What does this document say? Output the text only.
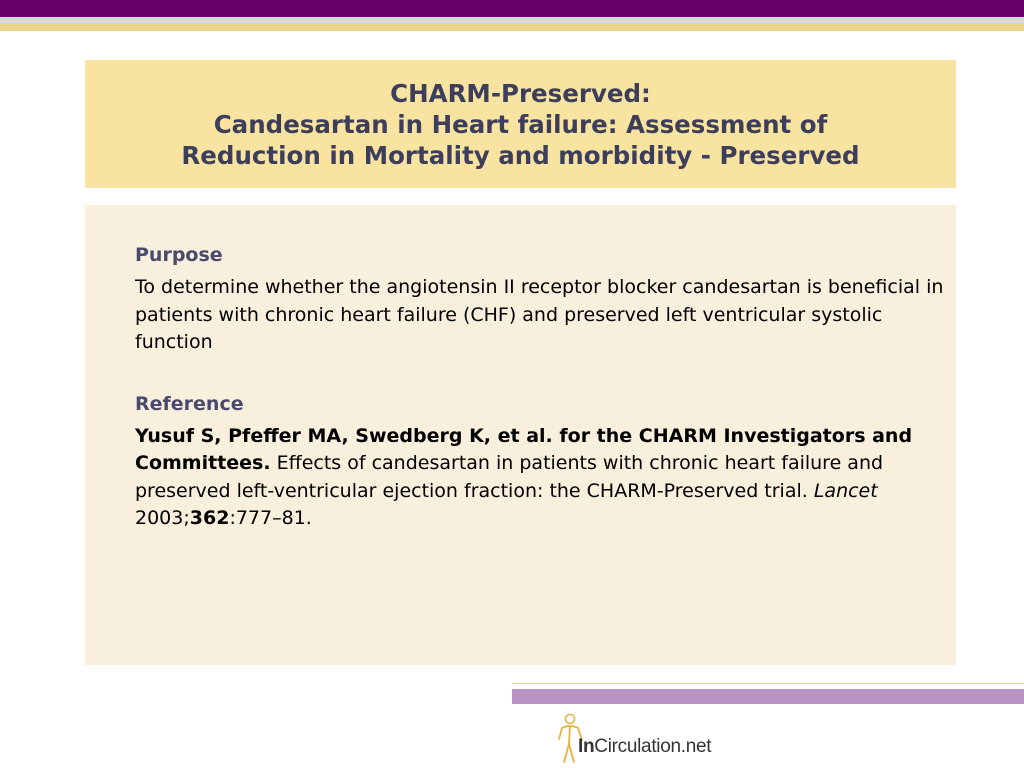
CHARM-Preserved:
Candesartan in Heart failure: Assessment of
Reduction in Mortality and morbidity - Preserved

Purpose

To determine whether the angiotensin II receptor blocker candesartan is beneficial in patients with chronic heart failure (CHF) and preserved left ventricular systolic function

Reference

Yusuf S, Pfeffer MA, Swedberg K, et al. for the CHARM Investigators and Committees. Effects of candesartan in patients with chronic heart failure and preserved left-ventricular ejection fraction: the CHARM-Preserved trial. Lancet 2003;362:777–81.

InCirculation.net
